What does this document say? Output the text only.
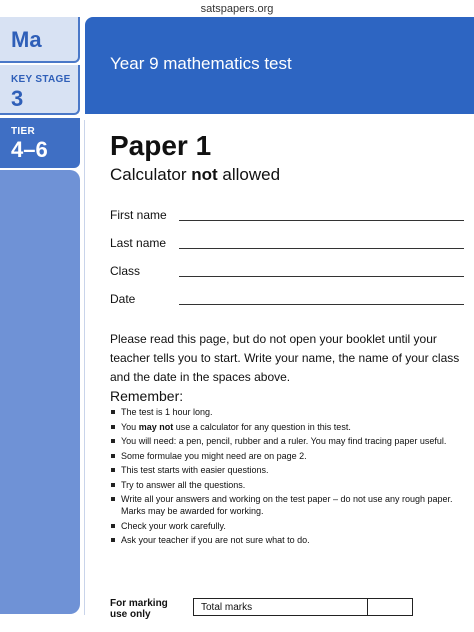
satspapers.org
Ma
KEY STAGE
3
TIER
4–6
Year 9 mathematics test
Paper 1
Calculator not allowed
First name
Last name
Class
Date
Please read this page, but do not open your booklet until your teacher tells you to start. Write your name, the name of your class and the date in the spaces above.
Remember:
The test is 1 hour long.
You may not use a calculator for any question in this test.
You will need: a pen, pencil, rubber and a ruler. You may find tracing paper useful.
Some formulae you might need are on page 2.
This test starts with easier questions.
Try to answer all the questions.
Write all your answers and working on the test paper – do not use any rough paper. Marks may be awarded for working.
Check your work carefully.
Ask your teacher if you are not sure what to do.
For marking use only
Total marks
